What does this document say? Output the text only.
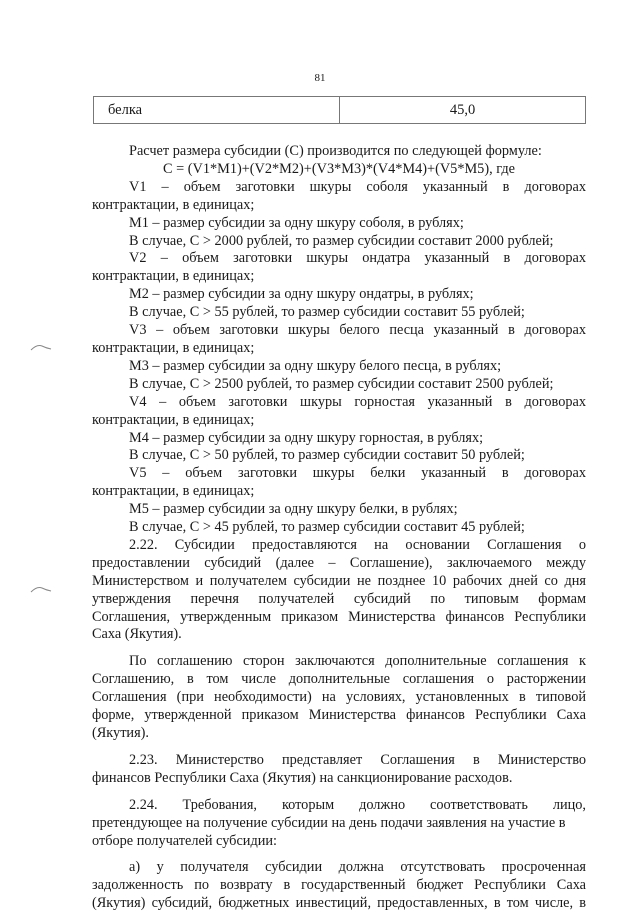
81
белка	45,0

Расчет размера субсидии (С) производится по следующей формуле:

С = (V1*M1)+(V2*M2)+(V3*M3)*(V4*M4)+(V5*M5), где

V1 – объем заготовки шкуры соболя указанный в договорах

контрактации, в единицах;

M1 – размер субсидии за одну шкуру соболя, в рублях;

В случае, С > 2000 рублей, то размер субсидии составит 2000 рублей;

V2 – объем заготовки шкуры ондатра указанный в договорах

контрактации, в единицах;

M2 – размер субсидии за одну шкуру ондатры, в рублях;

В случае, С > 55 рублей, то размер субсидии составит 55 рублей;

V3 – объем заготовки шкуры белого песца указанный в договорах

контрактации, в единицах;

M3 – размер субсидии за одну шкуру белого песца, в рублях;

В случае, С > 2500 рублей, то размер субсидии составит 2500 рублей;

V4 – объем заготовки шкуры горностая указанный в договорах

контрактации, в единицах;

M4 – размер субсидии за одну шкуру горностая, в рублях;

В случае, С > 50 рублей, то размер субсидии составит 50 рублей;

V5 – объем заготовки шкуры белки указанный в договорах

контрактации, в единицах;

M5 – размер субсидии за одну шкуру белки, в рублях;

В случае, С > 45 рублей, то размер субсидии составит 45 рублей;

2.22. Субсидии предоставляются на основании Соглашения о

предоставлении субсидий (далее – Соглашение), заключаемого между

Министерством и получателем субсидии не позднее 10 рабочих дней со дня

утверждения перечня получателей субсидий по типовым формам

Соглашения, утвержденным приказом Министерства финансов Республики

Саха (Якутия).

По соглашению сторон заключаются дополнительные соглашения к

Соглашению, в том числе дополнительные соглашения о расторжении

Соглашения (при необходимости) на условиях, установленных в типовой

форме, утвержденной приказом Министерства финансов Республики Саха

(Якутия).

2.23. Министерство представляет Соглашения в Министерство

финансов Республики Саха (Якутия) на санкционирование расходов.

2.24. Требования, которым должно соответствовать лицо,

претендующее на получение субсидии на день подачи заявления на участие в

отборе получателей субсидии:

а) у получателя субсидии должна отсутствовать просроченная

задолженность по возврату в государственный бюджет Республики Саха

(Якутия) субсидий, бюджетных инвестиций, предоставленных, в том числе, в
